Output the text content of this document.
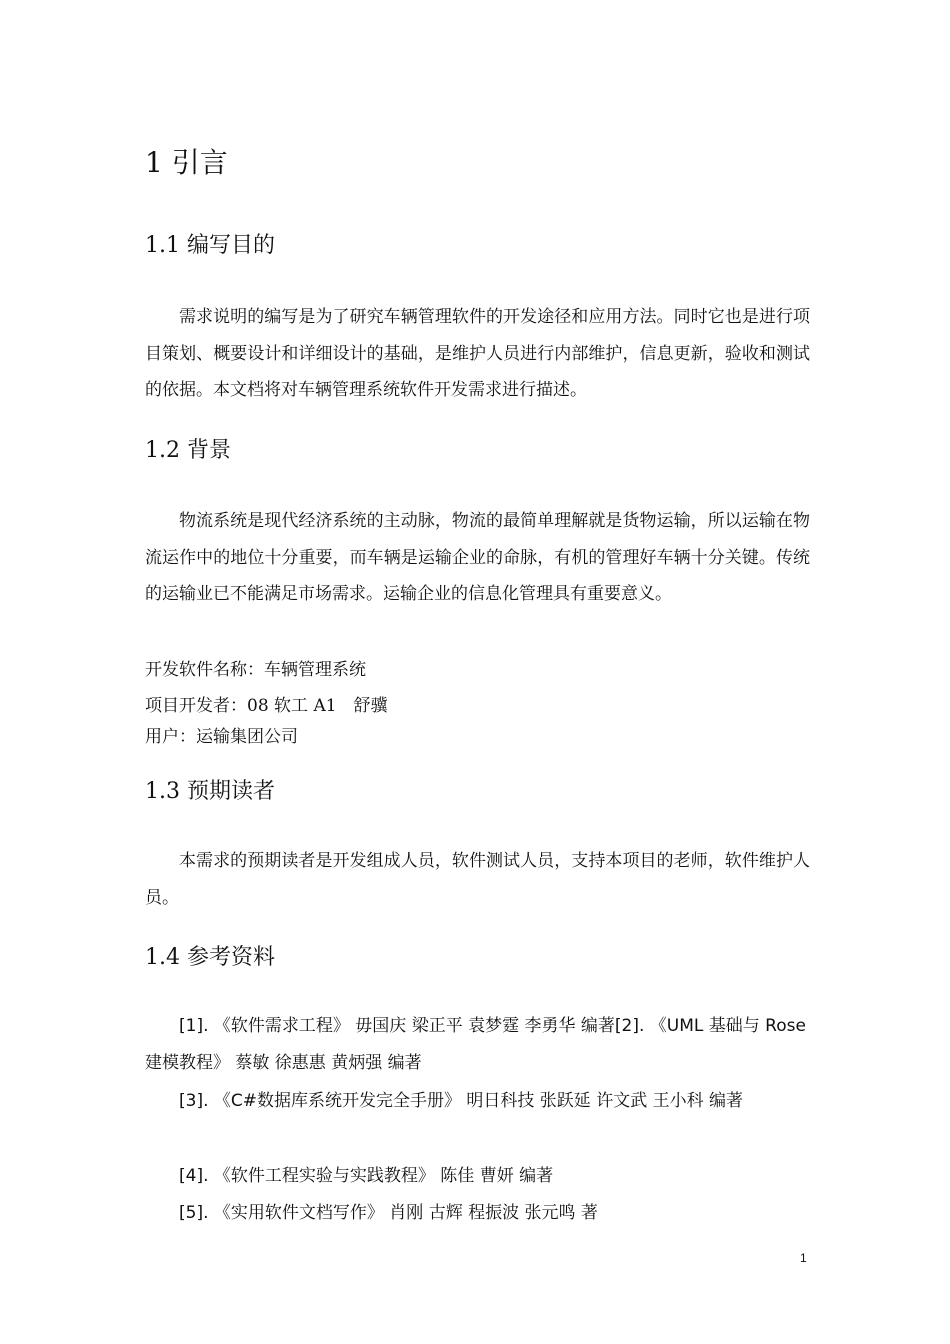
1 引言
1.1 编写目的

需求说明的编写是为了研究车辆管理软件的开发途径和应用方法。同时它也是进行项目策划、概要设计和详细设计的基础，是维护人员进行内部维护，信息更新，验收和测试的依据。本文档将对车辆管理系统软件开发需求进行描述。

1.2 背景

物流系统是现代经济系统的主动脉，物流的最简单理解就是货物运输，所以运输在物流运作中的地位十分重要，而车辆是运输企业的命脉，有机的管理好车辆十分关键。传统的运输业已不能满足市场需求。运输企业的信息化管理具有重要意义。

开发软件名称：车辆管理系统
项目开发者：08 软工 A1　舒骥
用户：运输集团公司
1.3 预期读者

本需求的预期读者是开发组成人员，软件测试人员，支持本项目的老师，软件维护人员。

1.4 参考资料

[1]. 《软件需求工程》 毋国庆 梁正平 袁梦霆 李勇华 编著[2]. 《UML 基础与 Rose 建模教程》 蔡敏 徐惠惠 黄炳强 编著

[3]. 《C#数据库系统开发完全手册》 明日科技 张跃延 许文武 王小科 编著

[4]. 《软件工程实验与实践教程》 陈佳 曹妍 编著

[5]. 《实用软件文档写作》 肖刚 古辉 程振波 张元鸣 著

1
